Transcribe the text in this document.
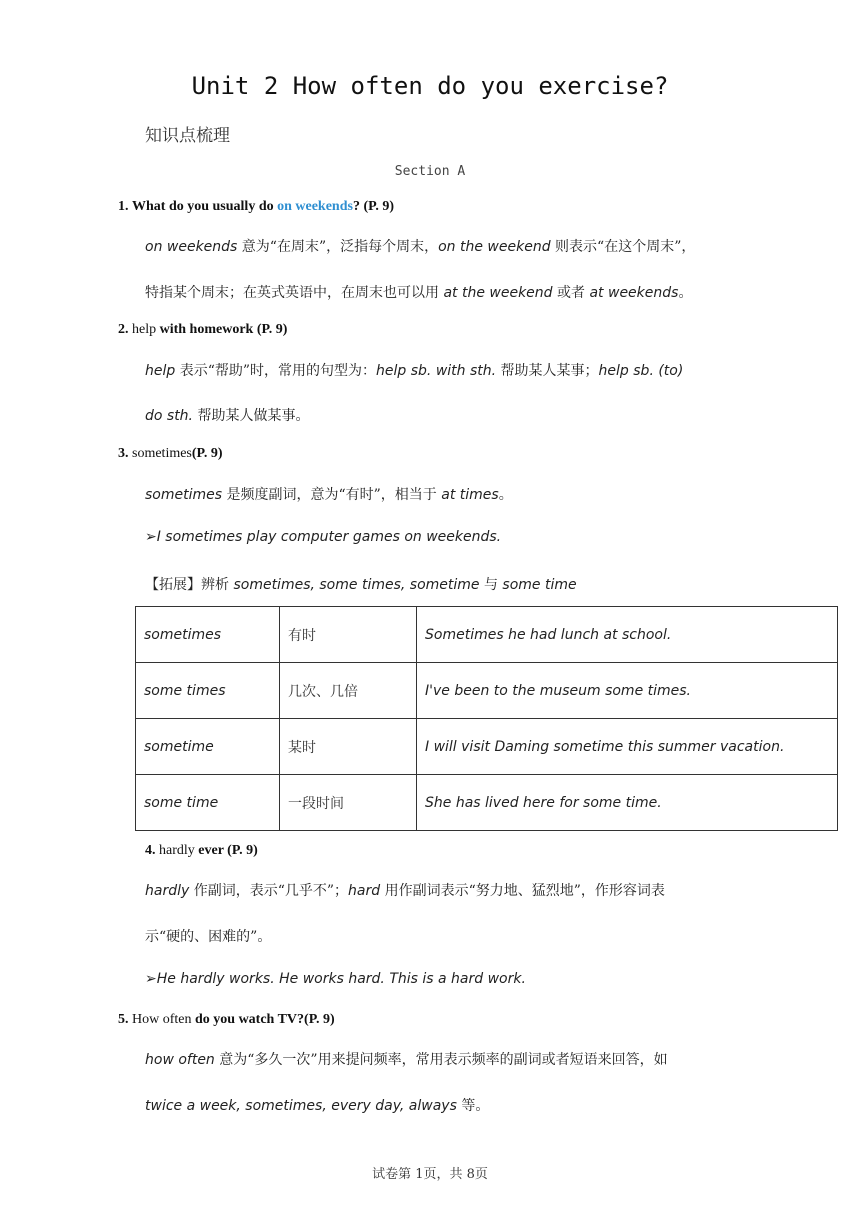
Unit 2 How often do you exercise?
知识点梳理
Section A
1. What do you usually do on weekends? (P. 9)
on weekends 意为“在周末”，泛指每个周末，on the weekend 则表示“在这个周末”，
特指某个周末；在英式英语中，在周末也可以用 at the weekend 或者 at weekends。
2. help with homework (P. 9)
help 表示“帮助”时，常用的句型为：help sb. with sth. 帮助某人某事；help sb. (to)
do sth. 帮助某人做某事。
3. sometimes(P. 9)
sometimes 是频度副词，意为“有时”，相当于 at times。
➢I sometimes play computer games on weekends.
【拓展】辨析 sometimes, some times, sometime 与 some time
sometimes	有时	Sometimes he had lunch at school.
some times	几次、几倍	I've been to the museum some times.
sometime	某时	I will visit Daming sometime this summer vacation.
some time	一段时间	She has lived here for some time.
4. hardly ever (P. 9)
hardly 作副词，表示“几乎不”；hard 用作副词表示“努力地、猛烈地”，作形容词表
示“硬的、困难的”。
➢He hardly works. He works hard. This is a hard work.
5. How often do you watch TV?(P. 9)
how often 意为“多久一次”用来提问频率，常用表示频率的副词或者短语来回答，如
twice a week, sometimes, every day, always 等。
试卷第 1页，共 8页
